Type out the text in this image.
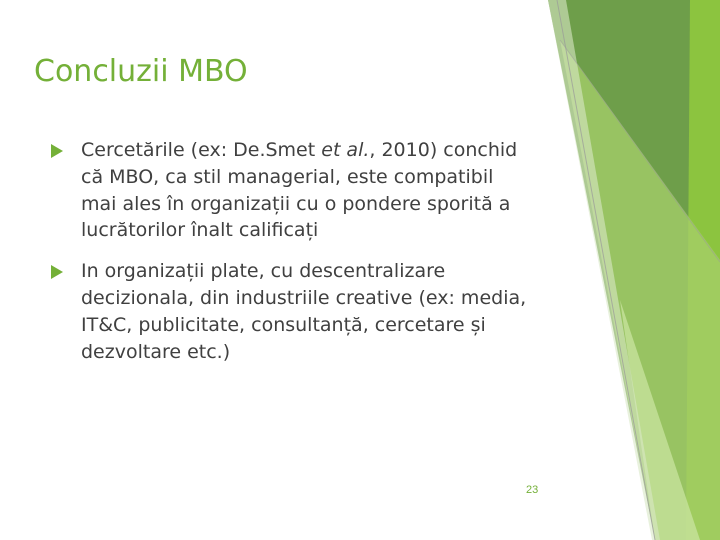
Concluzii MBO
Cercetările (ex: De.Smet et al., 2010) conchid că MBO, ca stil managerial, este compatibil mai ales în organizații cu o pondere sporită a lucrătorilor înalt calificați
In organizații plate, cu descentralizare decizionala, din industriile creative (ex: media, IT&C, publicitate, consultanță, cercetare și dezvoltare etc.)
23
